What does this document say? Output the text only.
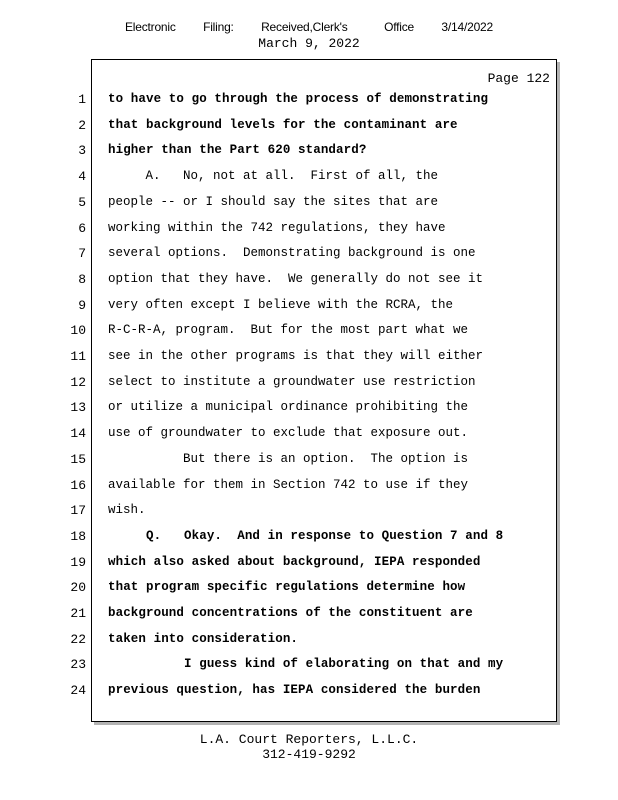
Electronic   Filing:   Received,Clerk's    Office   3/14/2022
March 9, 2022
Page 122
1
2
3
4
5
6
7
8
9
10
11
12
13
14
15
16
17
18
19
20
21
22
23
24
to have to go through the process of demonstrating
that background levels for the contaminant are
higher than the Part 620 standard?
A.   No, not at all.  First of all, the
people -- or I should say the sites that are
working within the 742 regulations, they have
several options.  Demonstrating background is one
option that they have.  We generally do not see it
very often except I believe with the RCRA, the
R-C-R-A, program.  But for the most part what we
see in the other programs is that they will either
select to institute a groundwater use restriction
or utilize a municipal ordinance prohibiting the
use of groundwater to exclude that exposure out.
But there is an option.  The option is
available for them in Section 742 to use if they
wish.
Q.   Okay.  And in response to Question 7 and 8
which also asked about background, IEPA responded
that program specific regulations determine how
background concentrations of the constituent are
taken into consideration.
I guess kind of elaborating on that and my
previous question, has IEPA considered the burden
L.A. Court Reporters, L.L.C.
312-419-9292
